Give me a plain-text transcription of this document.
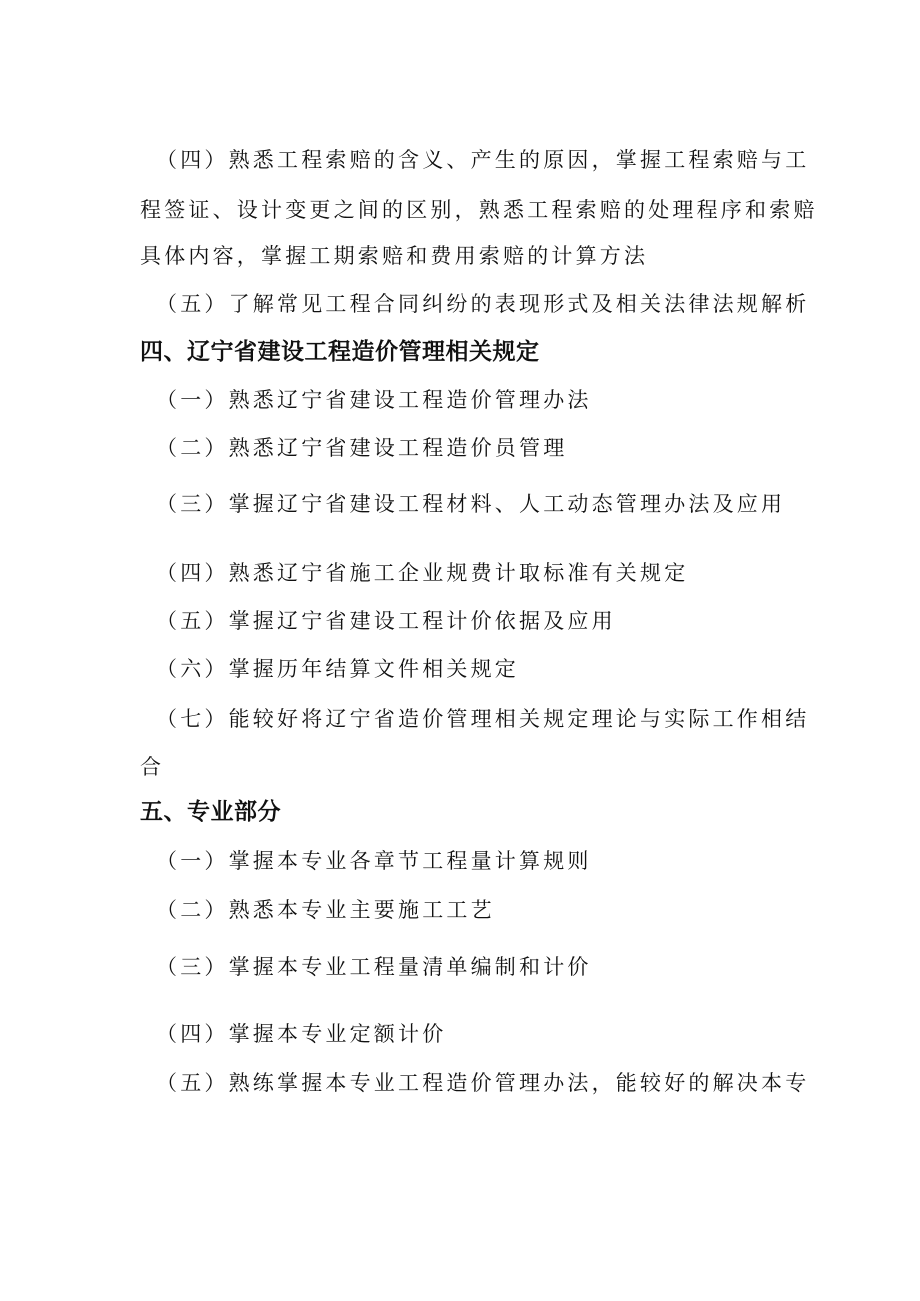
（四）熟悉工程索赔的含义、产生的原因，掌握工程索赔与工
程签证、设计变更之间的区别，熟悉工程索赔的处理程序和索赔
具体内容，掌握工期索赔和费用索赔的计算方法
（五）了解常见工程合同纠纷的表现形式及相关法律法规解析
四、辽宁省建设工程造价管理相关规定
（一）熟悉辽宁省建设工程造价管理办法
（二）熟悉辽宁省建设工程造价员管理
（三）掌握辽宁省建设工程材料、人工动态管理办法及应用
（四）熟悉辽宁省施工企业规费计取标准有关规定
（五）掌握辽宁省建设工程计价依据及应用
（六）掌握历年结算文件相关规定
（七）能较好将辽宁省造价管理相关规定理论与实际工作相结
合
五、专业部分
（一）掌握本专业各章节工程量计算规则
（二）熟悉本专业主要施工工艺
（三）掌握本专业工程量清单编制和计价
（四）掌握本专业定额计价
（五）熟练掌握本专业工程造价管理办法，能较好的解决本专
